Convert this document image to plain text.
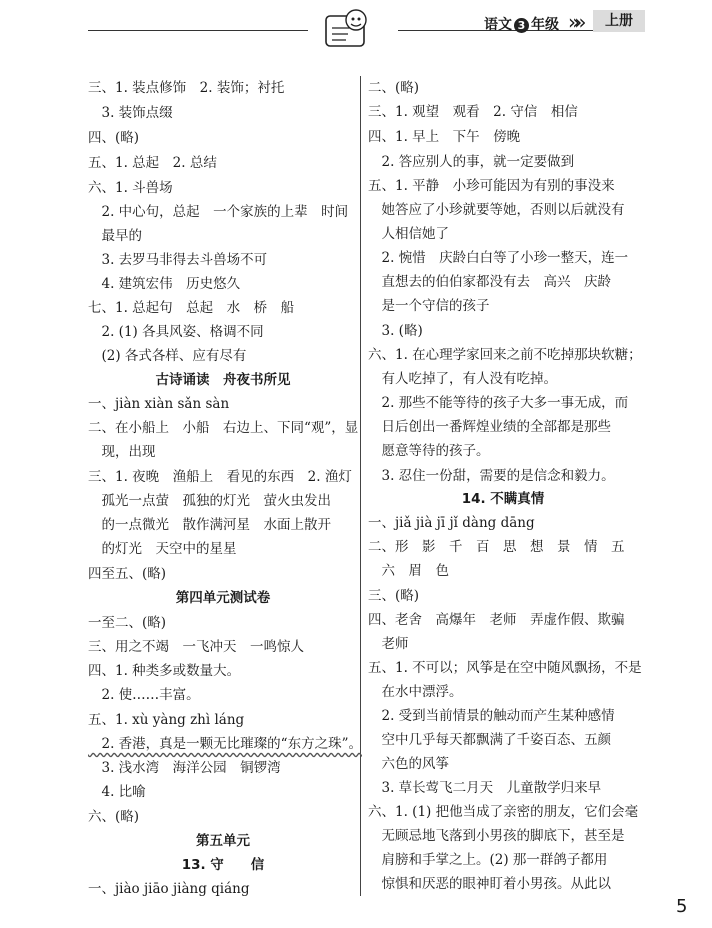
语文 3 年级 »»	上册
三、1. 装点修饰　2. 装饰；衬托
　3. 装饰点缀
四、(略)
五、1. 总起　2. 总结
六、1. 斗兽场
　2. 中心句，总起　一个家族的上辈　时间
　最早的
　3. 去罗马非得去斗兽场不可
　4. 建筑宏伟　历史悠久
七、1. 总起句　总起　水　桥　船
　2. (1) 各具风姿、格调不同
　(2) 各式各样、应有尽有
古诗诵读　舟夜书所见
一、jiàn xiàn sǎn sàn
二、在小船上　小船　右边上、下同“观”，显
　现，出现
三、1. 夜晚　渔船上　看见的东西　2. 渔灯
　孤光一点萤　孤独的灯光　萤火虫发出
　的一点微光　散作满河星　水面上散开
　的灯光　天空中的星星
四至五、(略)
第四单元测试卷
一至二、(略)
三、用之不竭　一飞冲天　一鸣惊人
四、1. 种类多或数量大。
　2. 使……丰富。
五、1. xù yàng zhì láng
　2. 香港，真是一颗无比璀璨的“东方之珠”。
　3. 浅水湾　海洋公园　铜锣湾
　4. 比喻
六、(略)
第五单元
13. 守　　信
一、jiào jiāo jiàng qiáng
二、(略)
三、1. 观望　观看　2. 守信　相信
四、1. 早上　下午　傍晚
　2. 答应别人的事，就一定要做到
五、1. 平静　小珍可能因为有别的事没来
　她答应了小珍就要等她，否则以后就没有
　人相信她了
　2. 惋惜　庆龄白白等了小珍一整天，连一
　直想去的伯伯家都没有去　高兴　庆龄
　是一个守信的孩子
　3. (略)
六、1. 在心理学家回来之前不吃掉那块软糖；
　有人吃掉了，有人没有吃掉。
　2. 那些不能等待的孩子大多一事无成，而
　日后创出一番辉煌业绩的全部都是那些
　愿意等待的孩子。
　3. 忍住一份甜，需要的是信念和毅力。
14. 不瞒真情
一、jiǎ jià jī jǐ dàng dāng
二、形　影　千　百　思　想　景　情　五
　六　眉　色
三、(略)
四、老舍　高爆年　老师　弄虚作假、欺骗
　老师
五、1. 不可以；风筝是在空中随风飘扬，不是
　在水中漂浮。
　2. 受到当前情景的触动而产生某种感情
　空中几乎每天都飘满了千姿百态、五颜
　六色的风筝
　3. 草长莺飞二月天　儿童散学归来早
六、1. (1) 把他当成了亲密的朋友，它们会毫
　无顾忌地飞落到小男孩的脚底下，甚至是
　肩膀和手掌之上。(2) 那一群鸽子都用
　惊惧和厌恶的眼神盯着小男孩。从此以
5
